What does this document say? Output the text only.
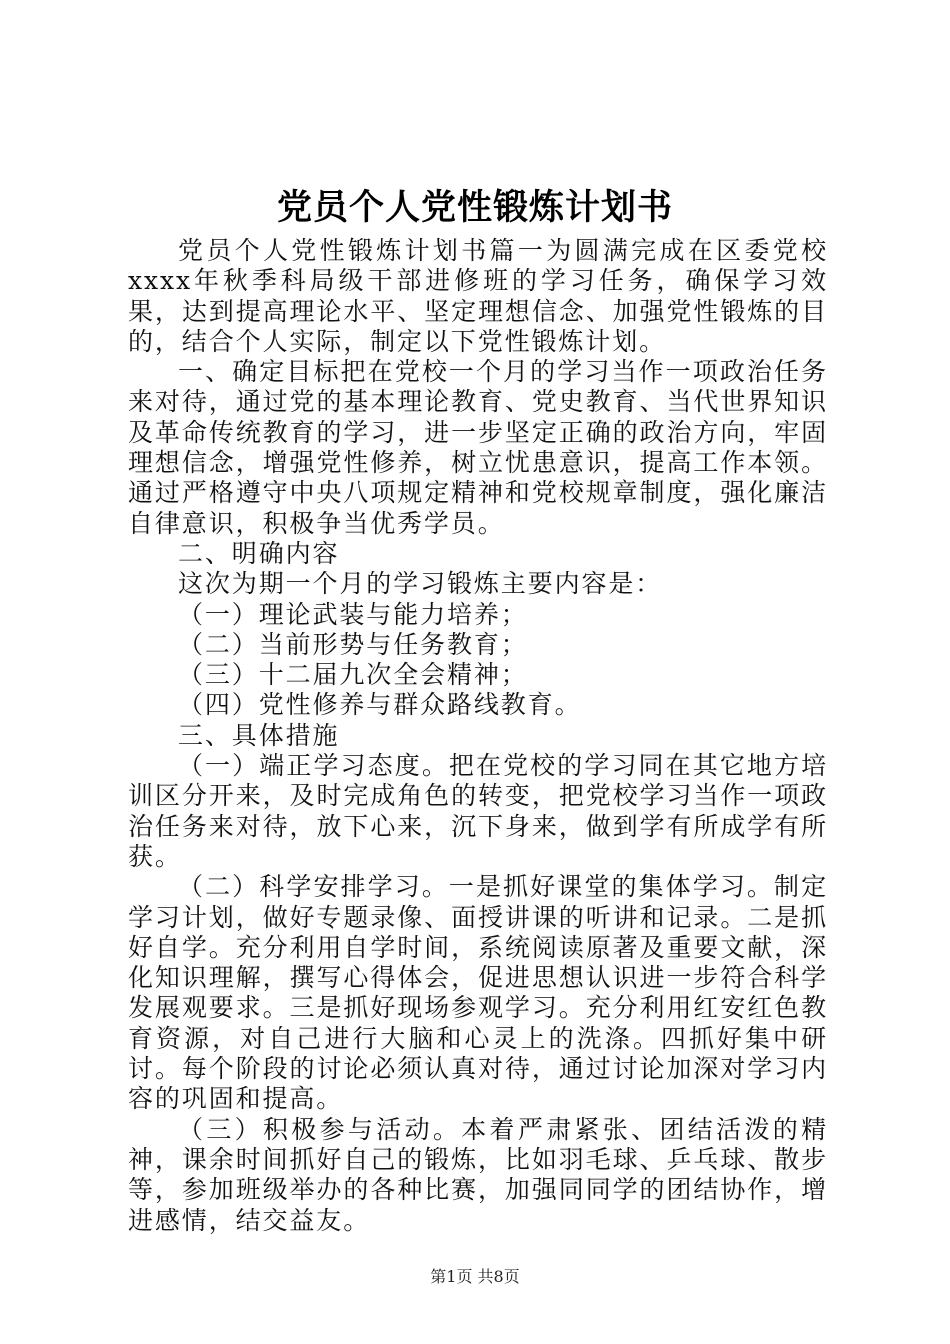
党员个人党性锻炼计划书

党员个人党性锻炼计划书篇一为圆满完成在区委党校xxxx年秋季科局级干部进修班的学习任务，确保学习效果，达到提高理论水平、坚定理想信念、加强党性锻炼的目的，结合个人实际，制定以下党性锻炼计划。

一、确定目标把在党校一个月的学习当作一项政治任务来对待，通过党的基本理论教育、党史教育、当代世界知识及革命传统教育的学习，进一步坚定正确的政治方向，牢固理想信念，增强党性修养，树立忧患意识，提高工作本领。通过严格遵守中央八项规定精神和党校规章制度，强化廉洁自律意识，积极争当优秀学员。

二、明确内容

这次为期一个月的学习锻炼主要内容是：

（一）理论武装与能力培养；

（二）当前形势与任务教育；

（三）十二届九次全会精神；

（四）党性修养与群众路线教育。

三、具体措施

（一）端正学习态度。把在党校的学习同在其它地方培训区分开来，及时完成角色的转变，把党校学习当作一项政治任务来对待，放下心来，沉下身来，做到学有所成学有所获。

（二）科学安排学习。一是抓好课堂的集体学习。制定学习计划，做好专题录像、面授讲课的听讲和记录。二是抓好自学。充分利用自学时间，系统阅读原著及重要文献，深化知识理解，撰写心得体会，促进思想认识进一步符合科学发展观要求。三是抓好现场参观学习。充分利用红安红色教育资源，对自己进行大脑和心灵上的洗涤。四抓好集中研讨。每个阶段的讨论必须认真对待，通过讨论加深对学习内容的巩固和提高。

（三）积极参与活动。本着严肃紧张、团结活泼的精神，课余时间抓好自己的锻炼，比如羽毛球、乒乓球、散步等，参加班级举办的各种比赛，加强同同学的团结协作，增进感情，结交益友。

第1页 共8页
